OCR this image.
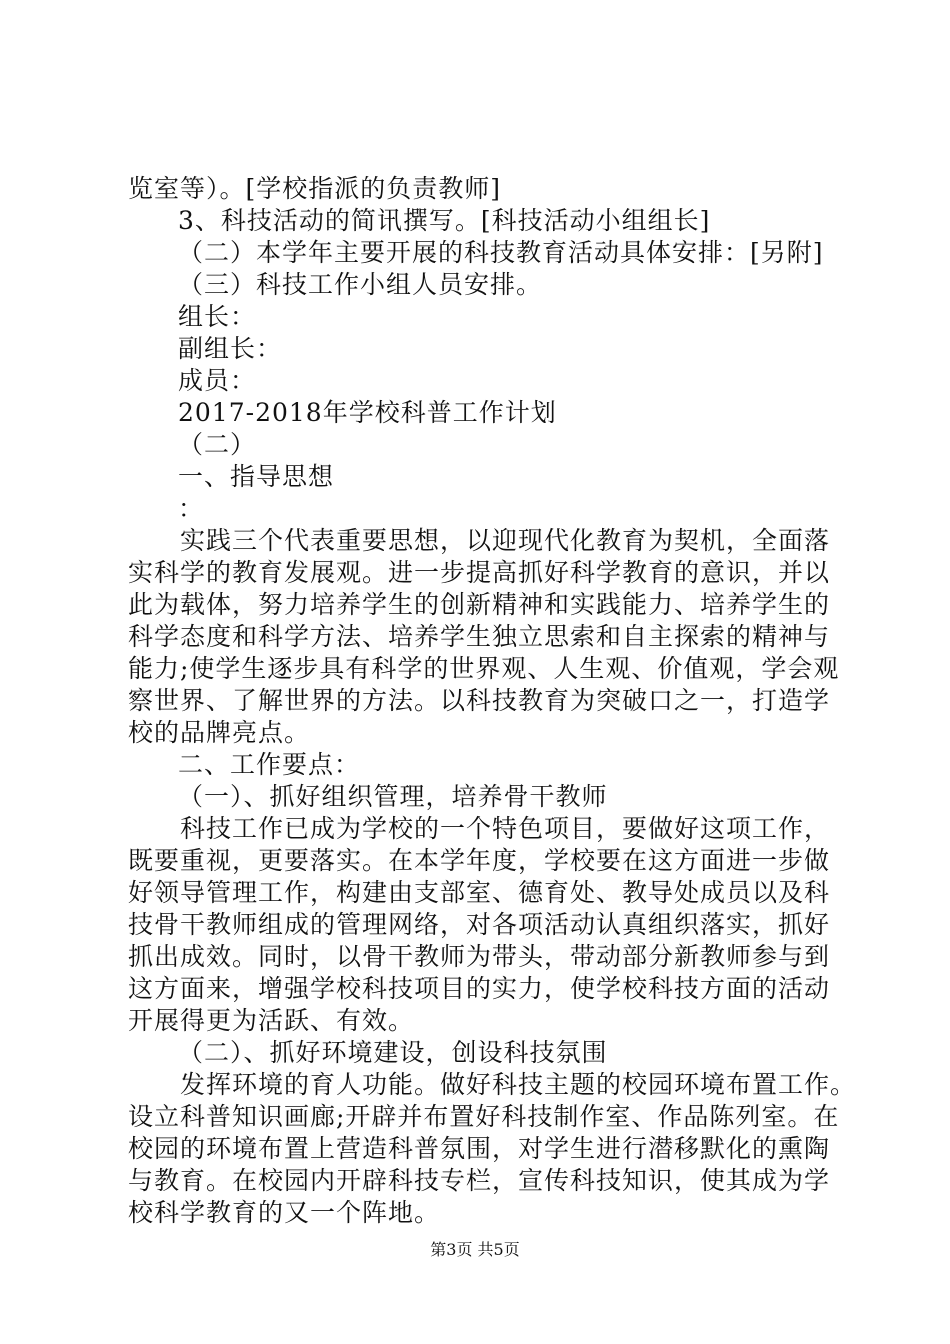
览室等）。[学校指派的负责教师]
3、科技活动的简讯撰写。[科技活动小组组长]
（二）本学年主要开展的科技教育活动具体安排：[另附]
（三）科技工作小组人员安排。
组长：
副组长：
成员：
2017-2018年学校科普工作计划
（二）
一、指导思想
：
　　实践三个代表重要思想，以迎现代化教育为契机，全面落
实科学的教育发展观。进一步提高抓好科学教育的意识，并以
此为载体，努力培养学生的创新精神和实践能力、培养学生的
科学态度和科学方法、培养学生独立思索和自主探索的精神与
能力;使学生逐步具有科学的世界观、人生观、价值观，学会观
察世界、了解世界的方法。以科技教育为突破口之一，打造学
校的品牌亮点。
二、工作要点：
（一）、抓好组织管理，培养骨干教师
　　科技工作已成为学校的一个特色项目，要做好这项工作，
既要重视，更要落实。在本学年度，学校要在这方面进一步做
好领导管理工作，构建由支部室、德育处、教导处成员以及科
技骨干教师组成的管理网络，对各项活动认真组织落实，抓好
抓出成效。同时，以骨干教师为带头，带动部分新教师参与到
这方面来，增强学校科技项目的实力，使学校科技方面的活动
开展得更为活跃、有效。
（二）、抓好环境建设，创设科技氛围
　　发挥环境的育人功能。做好科技主题的校园环境布置工作。
设立科普知识画廊;开辟并布置好科技制作室、作品陈列室。在
校园的环境布置上营造科普氛围，对学生进行潜移默化的熏陶
与教育。在校园内开辟科技专栏，宣传科技知识，使其成为学
校科学教育的又一个阵地。
第3页 共5页
